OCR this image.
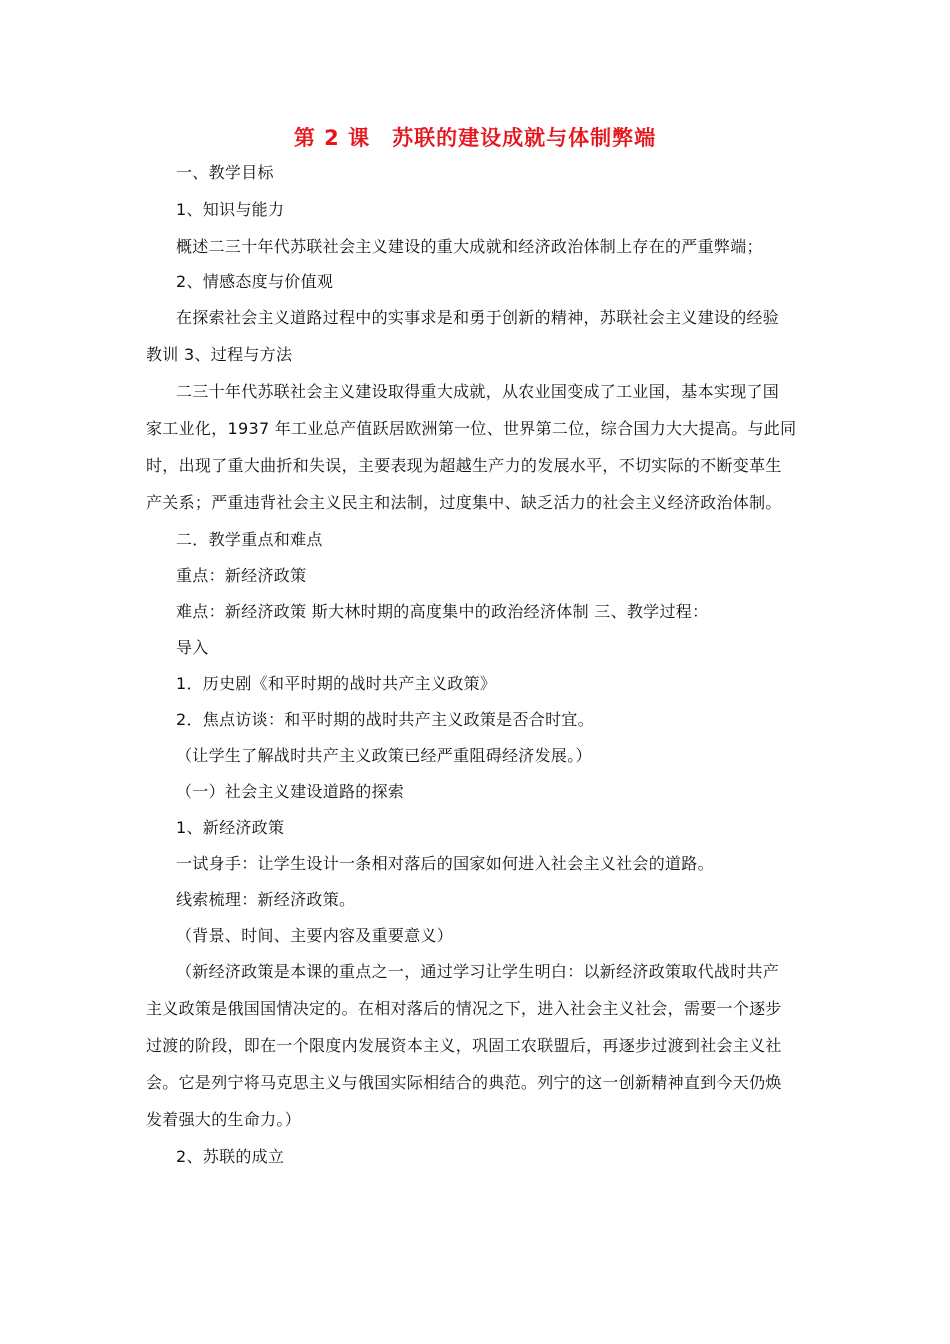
第 2 课　苏联的建设成就与体制弊端
一、教学目标
1、知识与能力
概述二三十年代苏联社会主义建设的重大成就和经济政治体制上存在的严重弊端；
2、情感态度与价值观
在探索社会主义道路过程中的实事求是和勇于创新的精神，苏联社会主义建设的经验
教训 3、过程与方法
二三十年代苏联社会主义建设取得重大成就，从农业国变成了工业国，基本实现了国
家工业化，1937 年工业总产值跃居欧洲第一位、世界第二位，综合国力大大提高。与此同
时，出现了重大曲折和失误，主要表现为超越生产力的发展水平，不切实际的不断变革生
产关系；严重违背社会主义民主和法制，过度集中、缺乏活力的社会主义经济政治体制。
二．教学重点和难点
重点：新经济政策
难点：新经济政策 斯大林时期的高度集中的政治经济体制 三、教学过程：
导入
1．历史剧《和平时期的战时共产主义政策》
2．焦点访谈：和平时期的战时共产主义政策是否合时宜。
（让学生了解战时共产主义政策已经严重阻碍经济发展。）
（一）社会主义建设道路的探索
1、新经济政策
一试身手：让学生设计一条相对落后的国家如何进入社会主义社会的道路。
线索梳理：新经济政策。
（背景、时间、主要内容及重要意义）
（新经济政策是本课的重点之一，通过学习让学生明白：以新经济政策取代战时共产
主义政策是俄国国情决定的。在相对落后的情况之下，进入社会主义社会，需要一个逐步
过渡的阶段，即在一个限度内发展资本主义，巩固工农联盟后，再逐步过渡到社会主义社
会。它是列宁将马克思主义与俄国实际相结合的典范。列宁的这一创新精神直到今天仍焕
发着强大的生命力。）
2、苏联的成立
